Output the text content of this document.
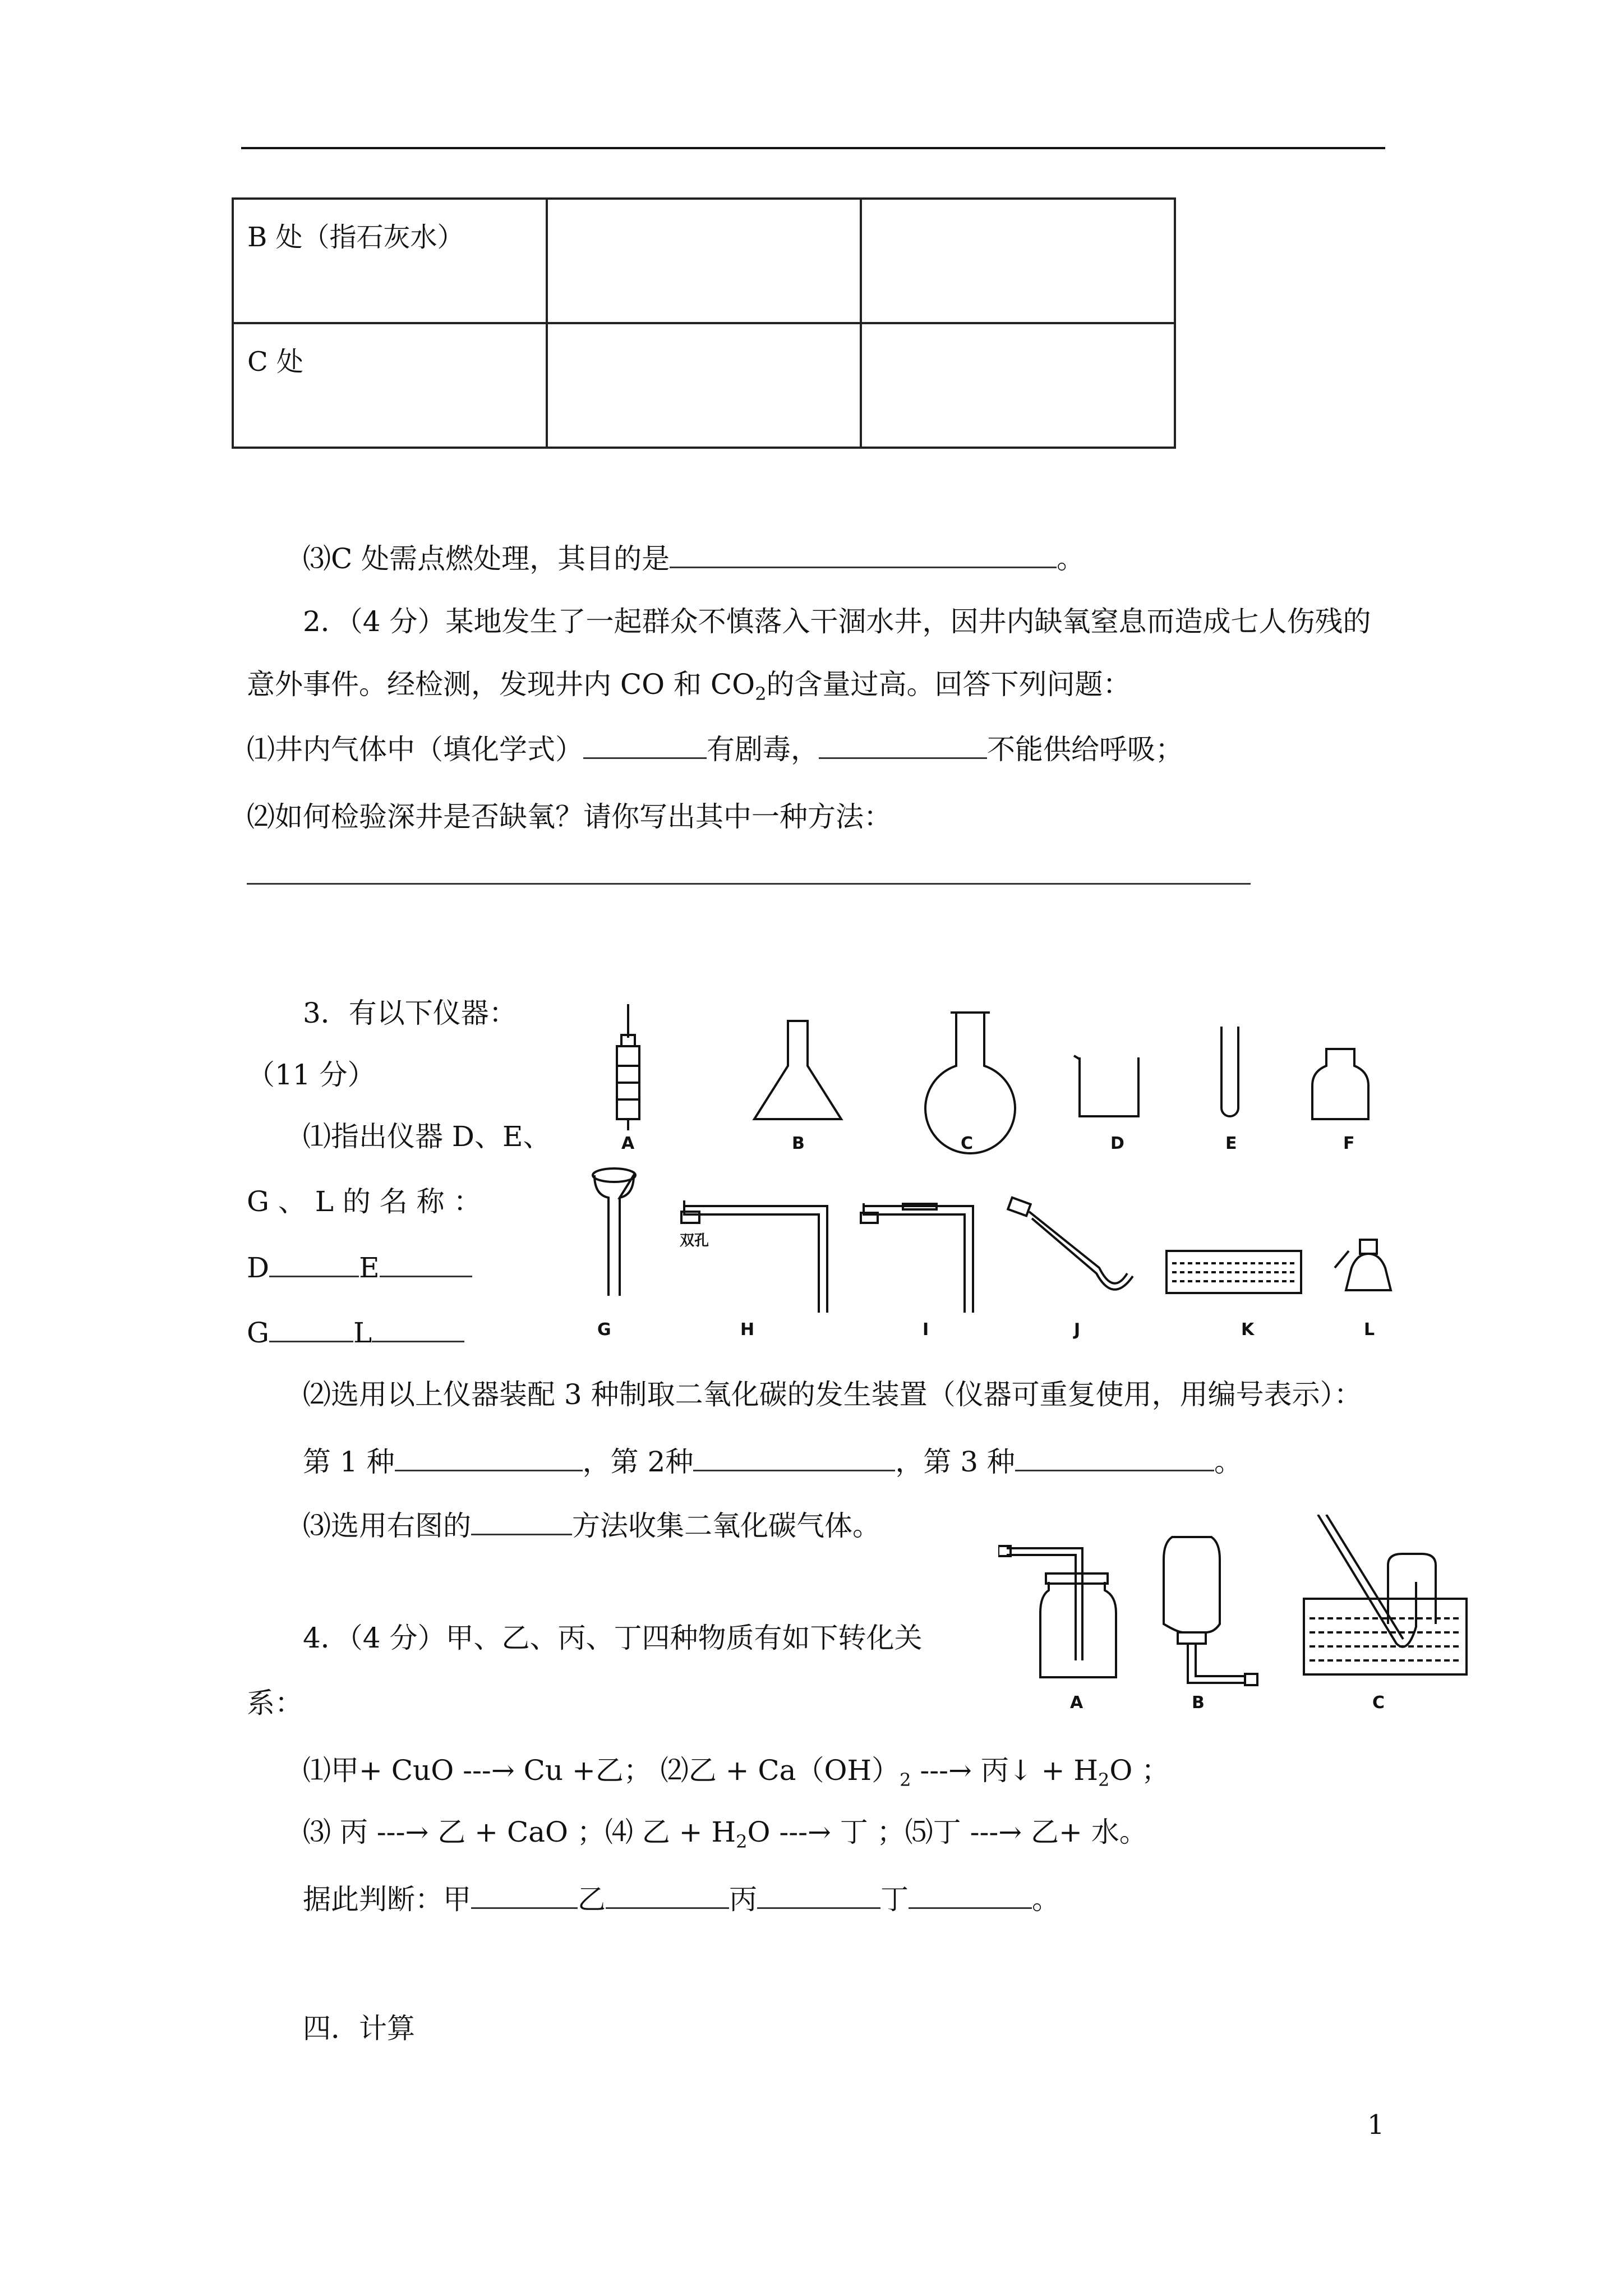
B 处（指石灰水）		
C 处		
⑶C 处需点燃处理，其目的是	。
2．（4 分）某地发生了一起群众不慎落入干涸水井，因井内缺氧窒息而造成七人伤残的
意外事件。经检测，发现井内 CO 和 $CO_2$的含量过高。回答下列问题：
⑴井内气体中（填化学式）	有剧毒，	不能供给呼吸；
⑵如何检验深井是否缺氧？请你写出其中一种方法：
3．有以下仪器：
（11 分）
⑴指出仪器 D、E、
G 、 L 的 名 称 ：
D	E
G	L
A	B	C	D	E	F
G	H	I	J	K	L
双孔
⑵选用以上仪器装配 3 种制取二氧化碳的发生装置（仪器可重复使用，用编号表示）：
第 1 种	，第 2种	，第 3 种	。
⑶选用右图的	方法收集二氧化碳气体。
A	B	C
4．（4 分）甲、乙、丙、丁四种物质有如下转化关
系：
⑴甲+ CuO ---→ Cu +乙； ⑵乙 + $Ca(OH)_2$ ---→ 丙↓ + $H_2O$ ；
⑶ 丙 ---→ 乙 + CaO ；⑷ 乙 + $H_2O$ ---→ 丁 ；⑸丁 ---→ 乙+ 水。
据此判断：甲	乙	丙	丁	。
四．计算
1
